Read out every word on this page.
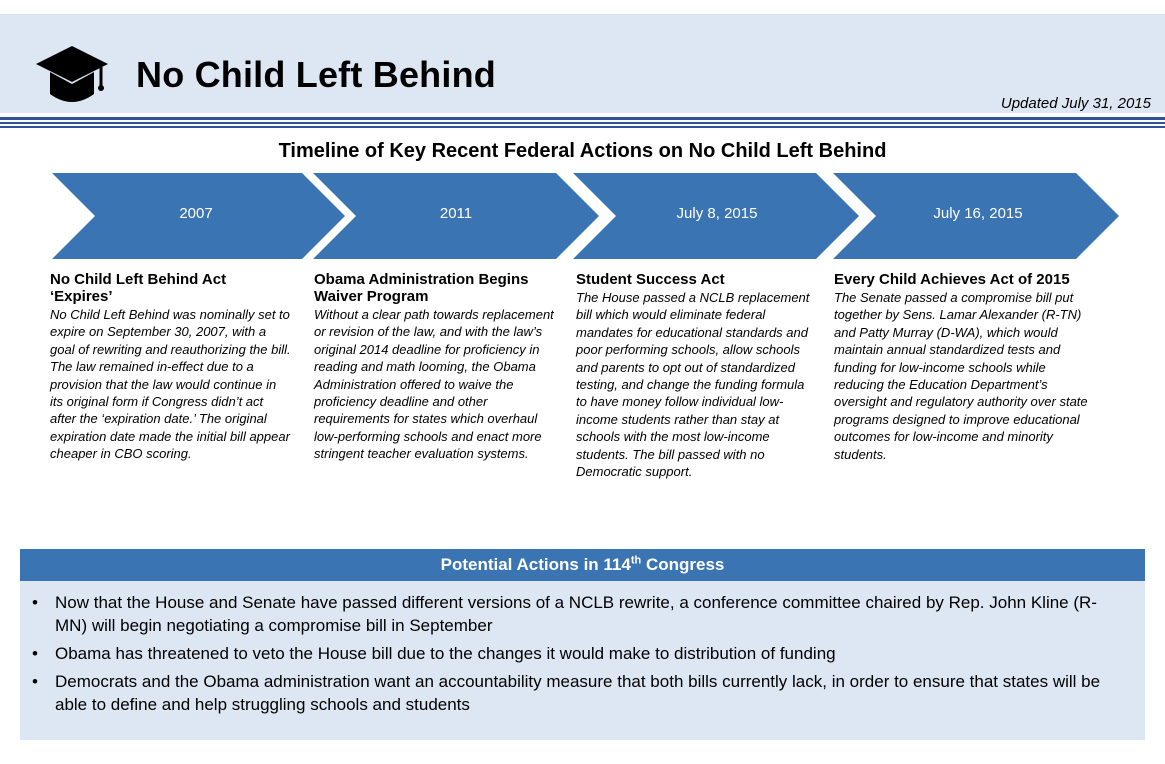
No Child Left Behind
Updated July 31, 2015
Timeline of Key Recent Federal Actions on No Child Left Behind
2007	2011	July 8, 2015	July 16, 2015
No Child Left Behind Act ‘Expires’
No Child Left Behind was nominally set to expire on September 30, 2007, with a goal of rewriting and reauthorizing the bill. The law remained in-effect due to a provision that the law would continue in its original form if Congress didn’t act after the ‘expiration date.’ The original expiration date made the initial bill appear cheaper in CBO scoring.
Obama Administration Begins Waiver Program
Without a clear path towards replacement or revision of the law, and with the law’s original 2014 deadline for proficiency in reading and math looming, the Obama Administration offered to waive the proficiency deadline and other requirements for states which overhaul low-performing schools and enact more stringent teacher evaluation systems.
Student Success Act
The House passed a NCLB replacement bill which would eliminate federal mandates for educational standards and poor performing schools, allow schools and parents to opt out of standardized testing, and change the funding formula to have money follow individual low-income students rather than stay at schools with the most low-income students. The bill passed with no Democratic support.
Every Child Achieves Act of 2015
The Senate passed a compromise bill put together by Sens. Lamar Alexander (R-TN) and Patty Murray (D-WA), which would maintain annual standardized tests and funding for low-income schools while reducing the Education Department’s oversight and regulatory authority over state programs designed to improve educational outcomes for low-income and minority students.
Potential Actions in 114th Congress
• Now that the House and Senate have passed different versions of a NCLB rewrite, a conference committee chaired by Rep. John Kline (R-MN) will begin negotiating a compromise bill in September
• Obama has threatened to veto the House bill due to the changes it would make to distribution of funding
• Democrats and the Obama administration want an accountability measure that both bills currently lack, in order to ensure that states will be able to define and help struggling schools and students
